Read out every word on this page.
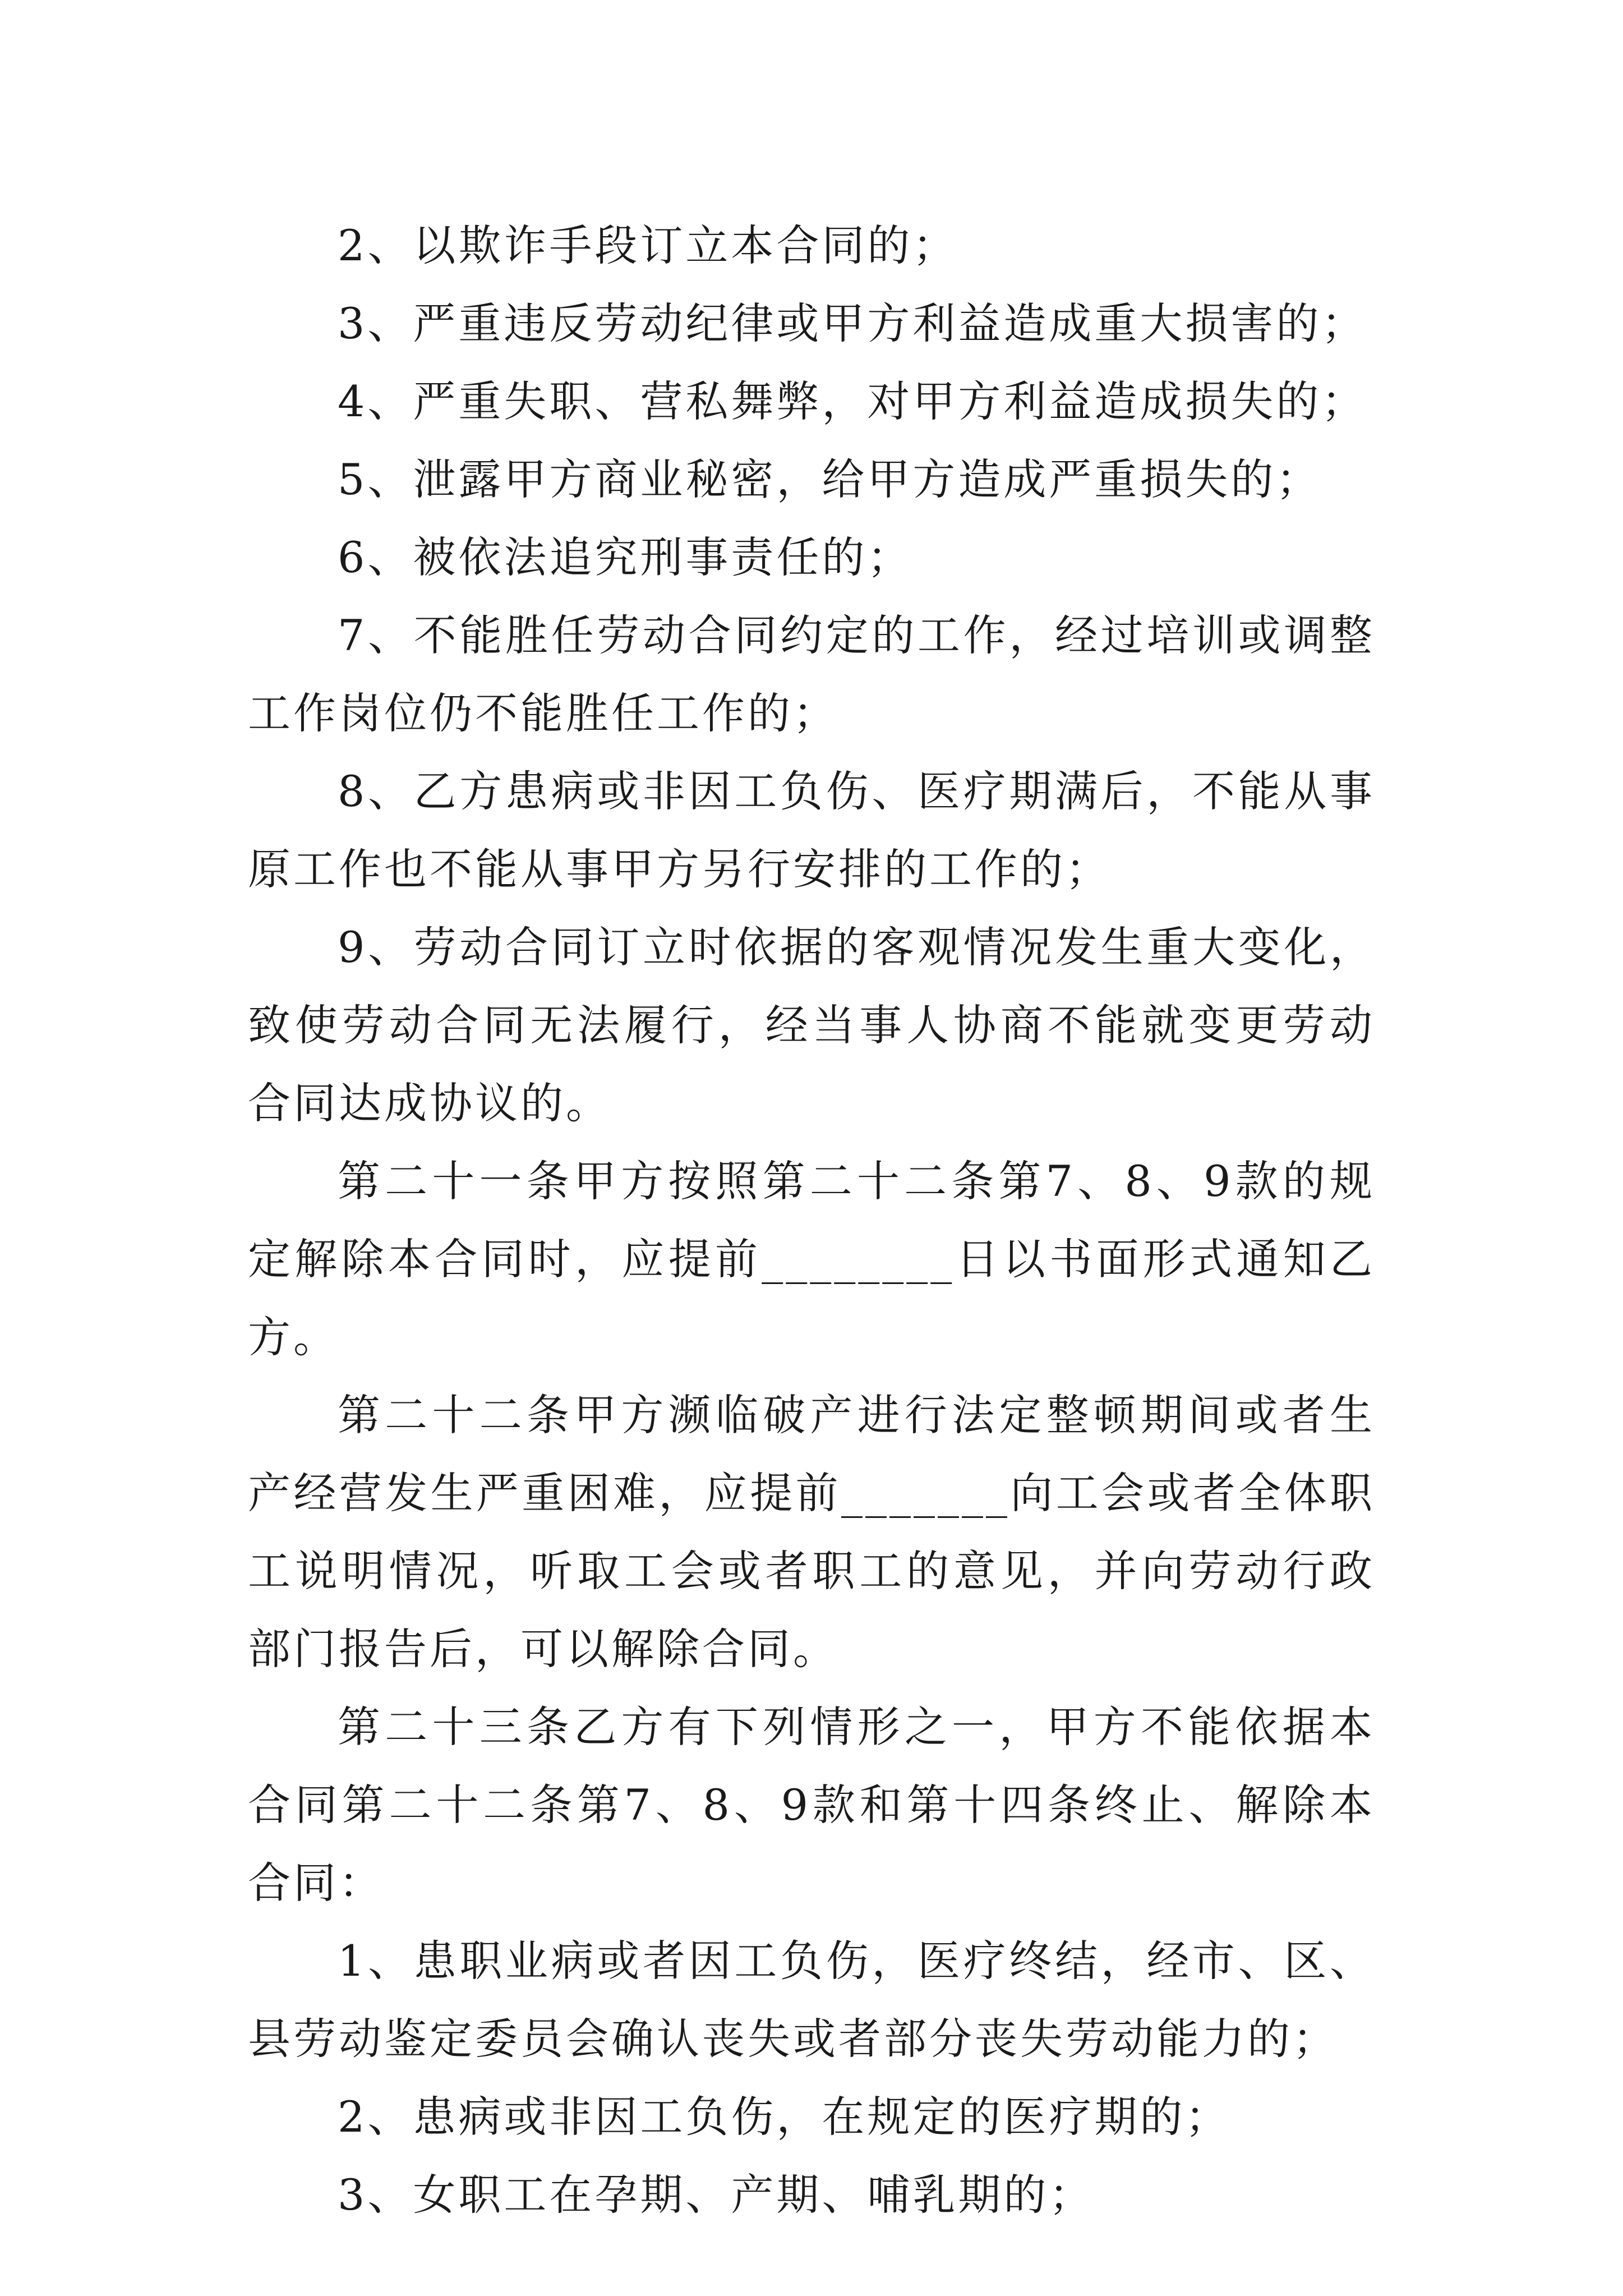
2、以欺诈手段订立本合同的；

3、严重违反劳动纪律或甲方利益造成重大损害的；

4、严重失职、营私舞弊，对甲方利益造成损失的；

5、泄露甲方商业秘密，给甲方造成严重损失的；

6、被依法追究刑事责任的；

7、不能胜任劳动合同约定的工作，经过培训或调整工作岗位仍不能胜任工作的；

8、乙方患病或非因工负伤、医疗期满后，不能从事原工作也不能从事甲方另行安排的工作的；

9、劳动合同订立时依据的客观情况发生重大变化，致使劳动合同无法履行，经当事人协商不能就变更劳动合同达成协议的。

第二十一条甲方按照第二十二条第7、8、9款的规定解除本合同时，应提前________日以书面形式通知乙方。

第二十二条甲方濒临破产进行法定整顿期间或者生产经营发生严重困难，应提前_______向工会或者全体职工说明情况，听取工会或者职工的意见，并向劳动行政部门报告后，可以解除合同。

第二十三条乙方有下列情形之一，甲方不能依据本合同第二十二条第7、8、9款和第十四条终止、解除本合同：

1、患职业病或者因工负伤，医疗终结，经市、区、县劳动鉴定委员会确认丧失或者部分丧失劳动能力的；

2、患病或非因工负伤，在规定的医疗期的；

3、女职工在孕期、产期、哺乳期的；
